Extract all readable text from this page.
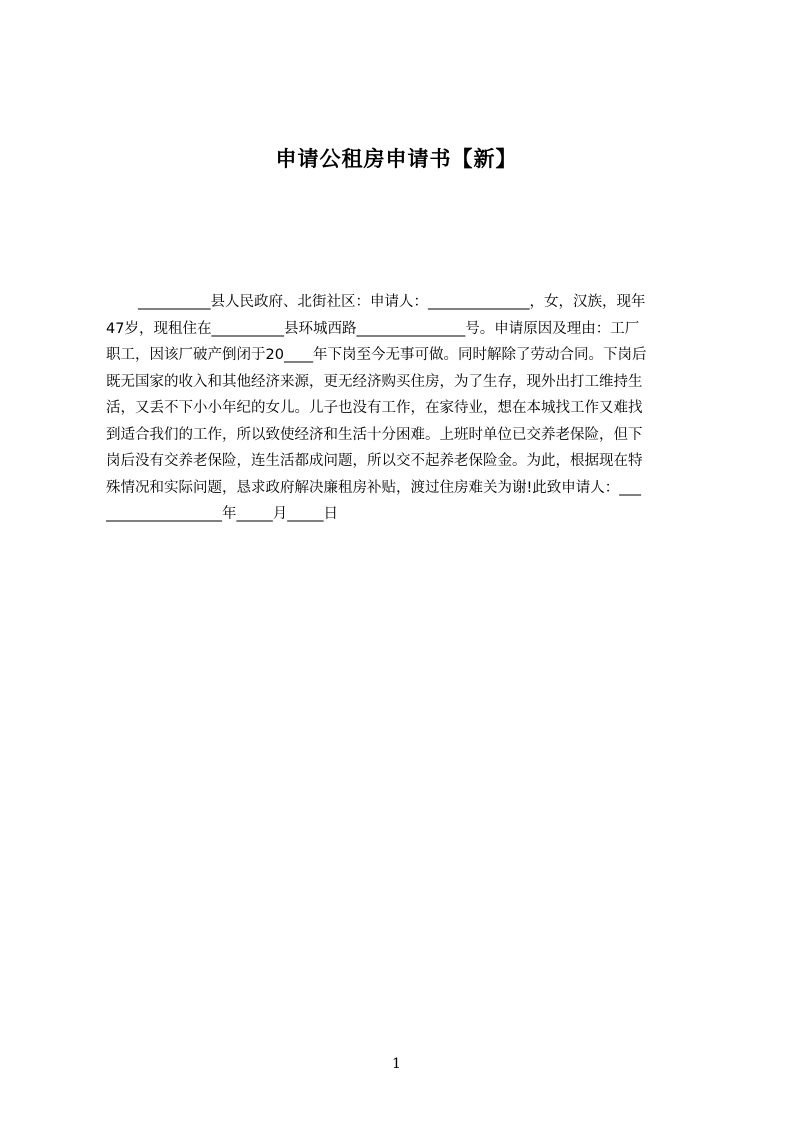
申请公租房申请书【新】
__________县人民政府、北街社区：申请人：______________，女，汉族，现年
47岁，现租住在__________县环城西路_______________号。申请原因及理由：工厂
职工，因该厂破产倒闭于20____年下岗至今无事可做。同时解除了劳动合同。下岗后
既无国家的收入和其他经济来源，更无经济购买住房，为了生存，现外出打工维持生
活，又丢不下小小年纪的女儿。儿子也没有工作，在家待业，想在本城找工作又难找
到适合我们的工作，所以致使经济和生活十分困难。上班时单位已交养老保险，但下
岗后没有交养老保险，连生活都成问题，所以交不起养老保险金。为此，根据现在特
殊情况和实际问题，恳求政府解决廉租房补贴，渡过住房难关为谢!此致申请人：___
________________年_____月_____日
1
